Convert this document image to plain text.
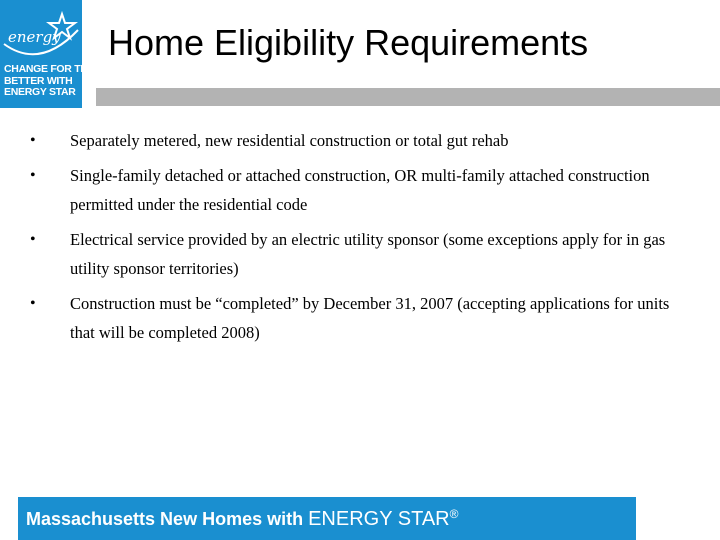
energy
CHANGE FOR THE
BETTER WITH
ENERGY STAR
Home Eligibility Requirements
• Separately metered, new residential construction or total gut rehab
• Single-family detached or attached construction, OR multi-family attached construction permitted under the residential code
• Electrical service provided by an electric utility sponsor (some exceptions apply for in gas utility sponsor territories)
• Construction must be “completed” by December 31, 2007 (accepting applications for units that will be completed 2008)
Massachusetts New Homes with ENERGY STAR®
